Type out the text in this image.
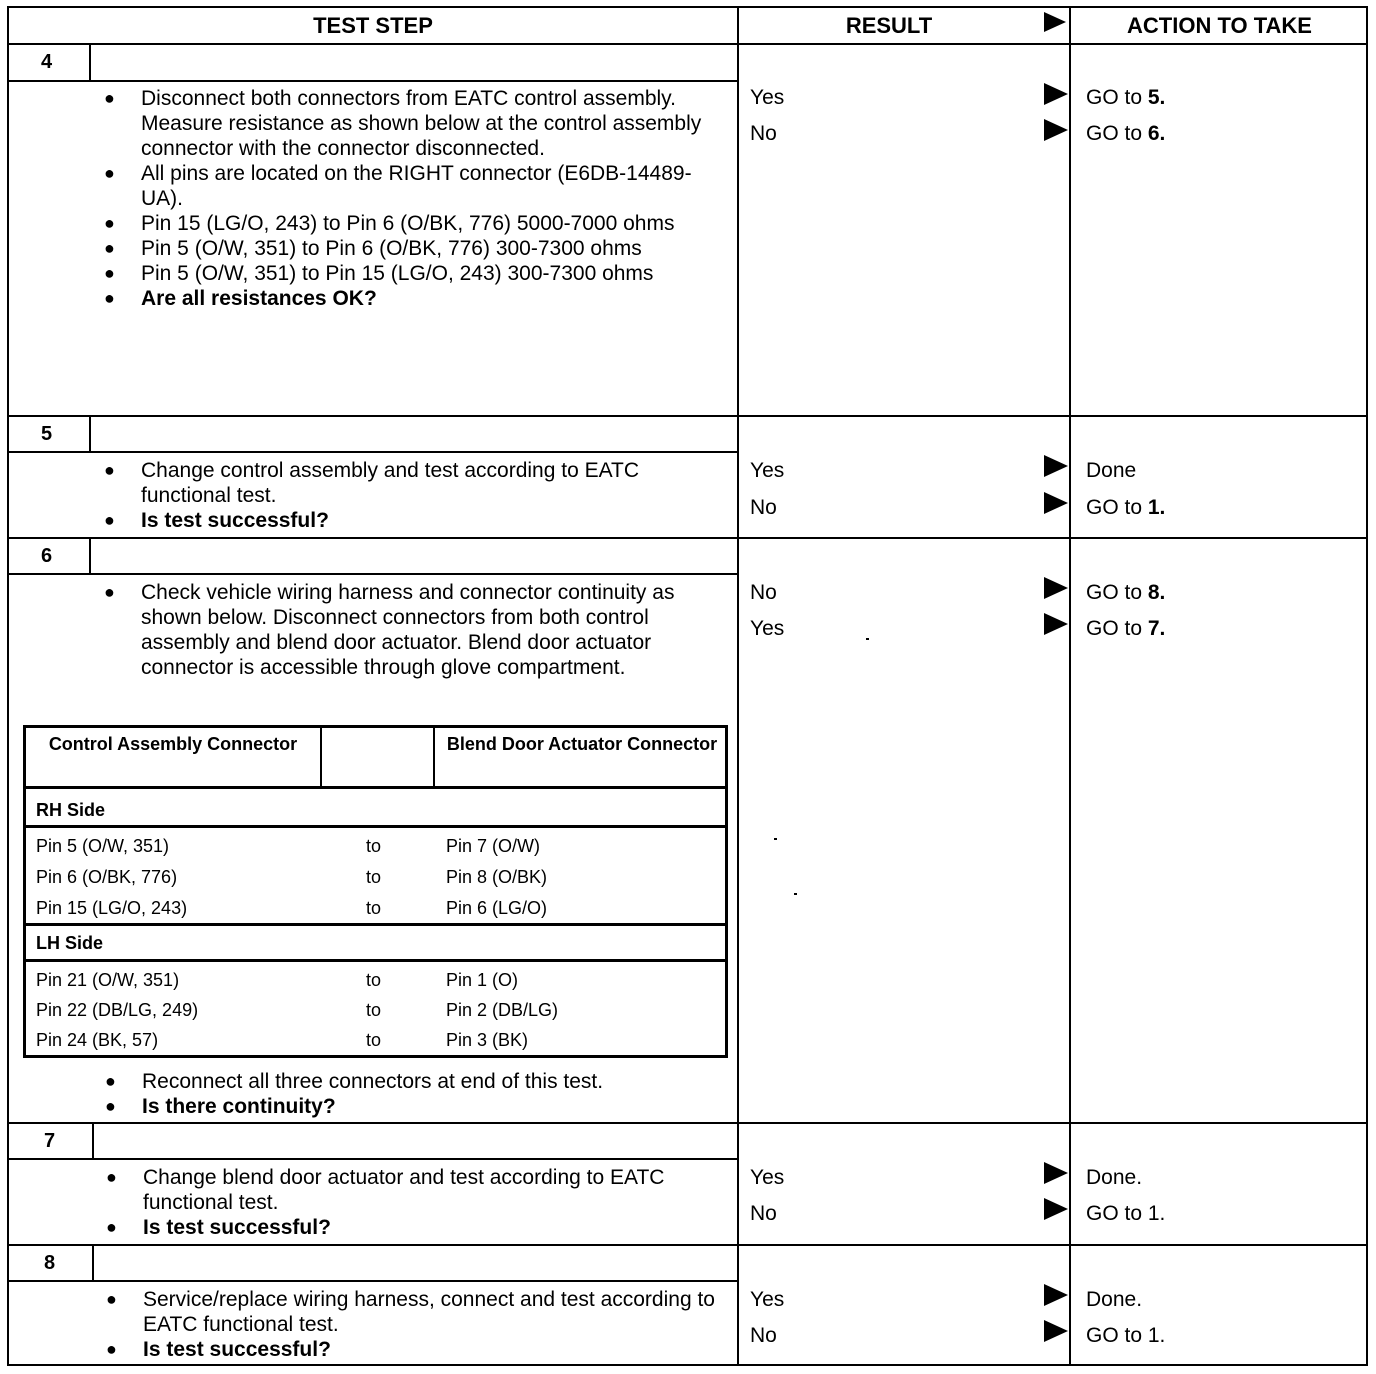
TEST STEP	RESULT	ACTION TO TAKE
4
● Disconnect both connectors from EATC control assembly. Measure resistance as shown below at the control assembly connector with the connector disconnected.
● All pins are located on the RIGHT connector (E6DB-14489-UA).
● Pin 15 (LG/O, 243) to Pin 6 (O/BK, 776) 5000-7000 ohms
● Pin 5 (O/W, 351) to Pin 6 (O/BK, 776) 300-7300 ohms
● Pin 5 (O/W, 351) to Pin 15 (LG/O, 243) 300-7300 ohms
● Are all resistances OK?
Yes	GO to 5.
No	GO to 6.
5
● Change control assembly and test according to EATC functional test.
● Is test successful?
Yes	Done
No	GO to 1.
6
● Check vehicle wiring harness and connector continuity as shown below. Disconnect connectors from both control assembly and blend door actuator. Blend door actuator connector is accessible through glove compartment.
Control Assembly Connector	Blend Door Actuator Connector
RH Side
Pin 5 (O/W, 351)	to	Pin 7 (O/W)
Pin 6 (O/BK, 776)	to	Pin 8 (O/BK)
Pin 15 (LG/O, 243)	to	Pin 6 (LG/O)
LH Side
Pin 21 (O/W, 351)	to	Pin 1 (O)
Pin 22 (DB/LG, 249)	to	Pin 2 (DB/LG)
Pin 24 (BK, 57)	to	Pin 3 (BK)
● Reconnect all three connectors at end of this test.
● Is there continuity?
No	GO to 8.
Yes	GO to 7.
7
● Change blend door actuator and test according to EATC functional test.
● Is test successful?
Yes	Done.
No	GO to 1.
8
● Service/replace wiring harness, connect and test according to EATC functional test.
● Is test successful?
Yes	Done.
No	GO to 1.
